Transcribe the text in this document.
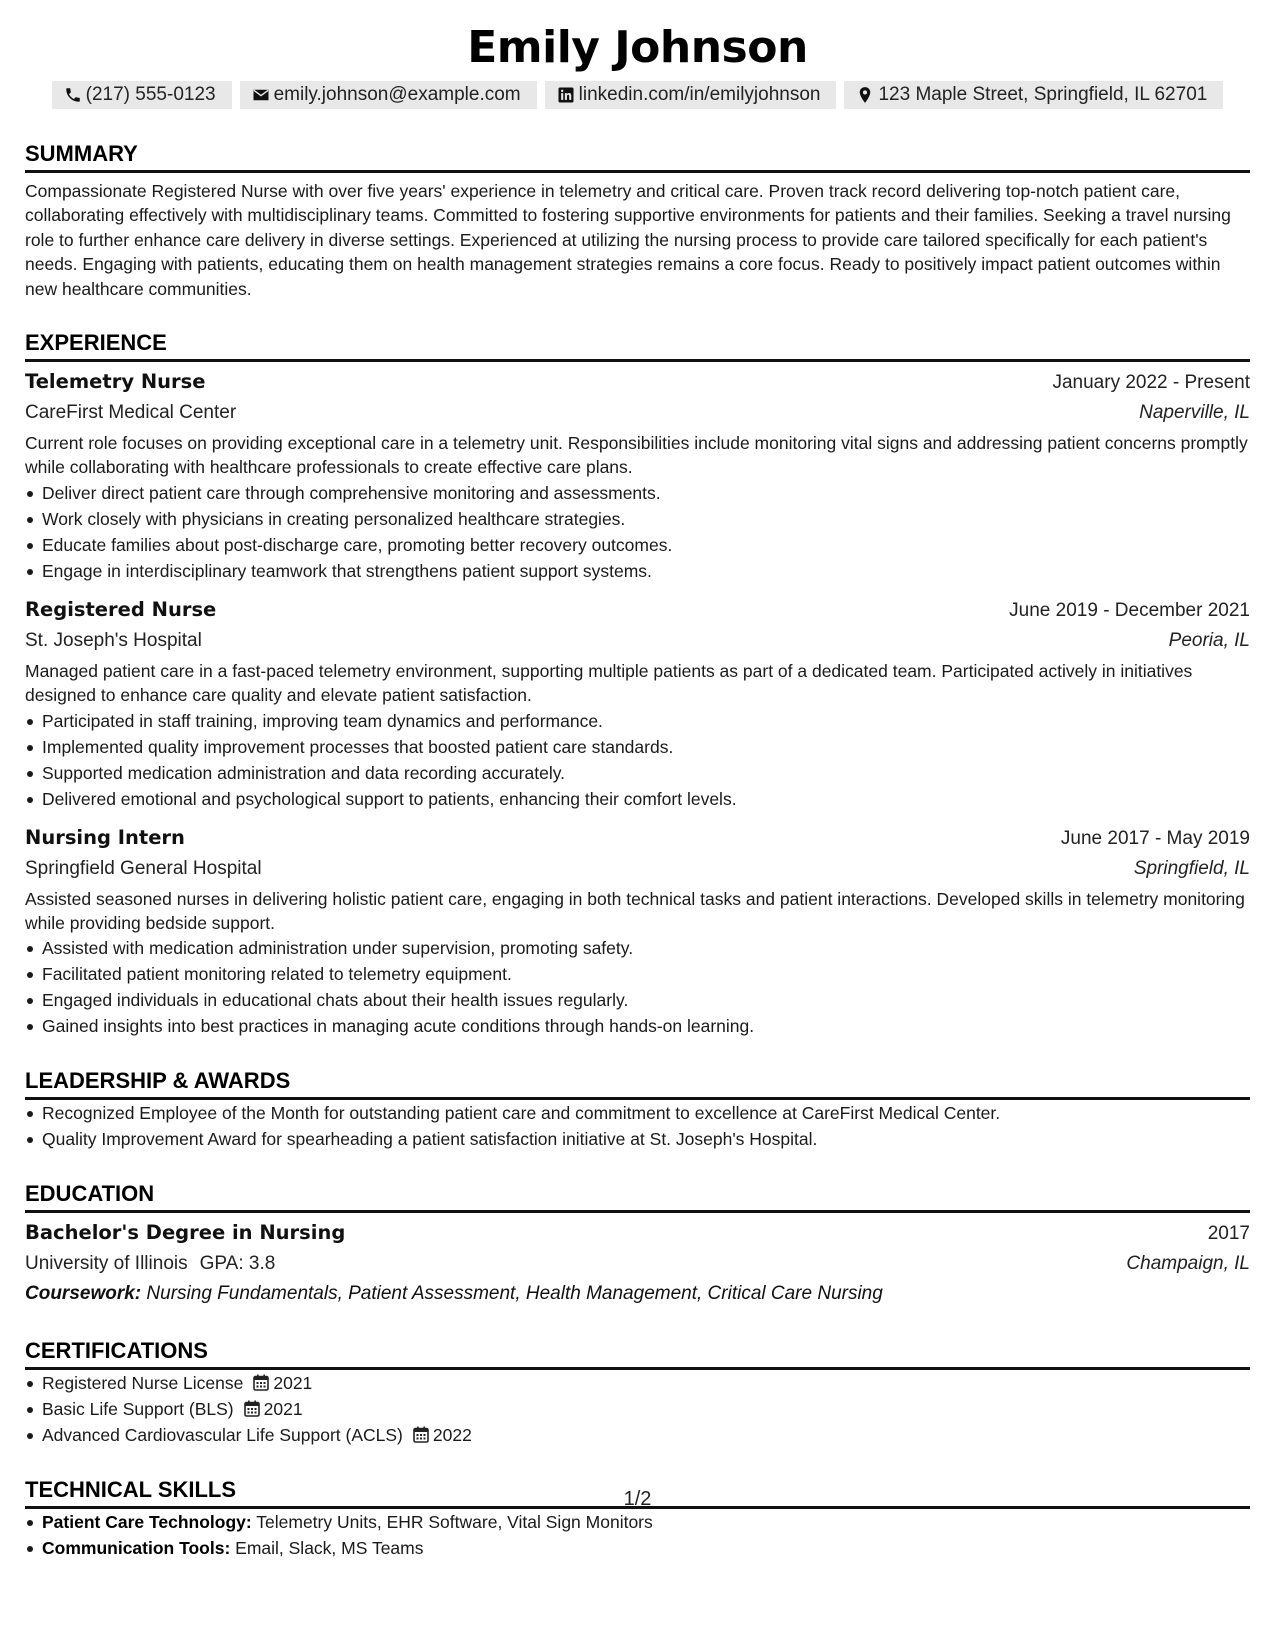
Emily Johnson
(217) 555-0123	emily.johnson@example.com	linkedin.com/in/emilyjohnson	123 Maple Street, Springfield, IL 62701
SUMMARY
Compassionate Registered Nurse with over five years' experience in telemetry and critical care. Proven track record delivering top-notch patient care, collaborating effectively with multidisciplinary teams. Committed to fostering supportive environments for patients and their families. Seeking a travel nursing role to further enhance care delivery in diverse settings. Experienced at utilizing the nursing process to provide care tailored specifically for each patient's needs. Engaging with patients, educating them on health management strategies remains a core focus. Ready to positively impact patient outcomes within new healthcare communities.
EXPERIENCE
Telemetry Nurse	January 2022 - Present
CareFirst Medical Center	Naperville, IL
Current role focuses on providing exceptional care in a telemetry unit. Responsibilities include monitoring vital signs and addressing patient concerns promptly while collaborating with healthcare professionals to create effective care plans.
Deliver direct patient care through comprehensive monitoring and assessments.
Work closely with physicians in creating personalized healthcare strategies.
Educate families about post-discharge care, promoting better recovery outcomes.
Engage in interdisciplinary teamwork that strengthens patient support systems.
Registered Nurse	June 2019 - December 2021
St. Joseph's Hospital	Peoria, IL
Managed patient care in a fast-paced telemetry environment, supporting multiple patients as part of a dedicated team. Participated actively in initiatives designed to enhance care quality and elevate patient satisfaction.
Participated in staff training, improving team dynamics and performance.
Implemented quality improvement processes that boosted patient care standards.
Supported medication administration and data recording accurately.
Delivered emotional and psychological support to patients, enhancing their comfort levels.
Nursing Intern	June 2017 - May 2019
Springfield General Hospital	Springfield, IL
Assisted seasoned nurses in delivering holistic patient care, engaging in both technical tasks and patient interactions. Developed skills in telemetry monitoring while providing bedside support.
Assisted with medication administration under supervision, promoting safety.
Facilitated patient monitoring related to telemetry equipment.
Engaged individuals in educational chats about their health issues regularly.
Gained insights into best practices in managing acute conditions through hands-on learning.
LEADERSHIP & AWARDS
Recognized Employee of the Month for outstanding patient care and commitment to excellence at CareFirst Medical Center.
Quality Improvement Award for spearheading a patient satisfaction initiative at St. Joseph's Hospital.
EDUCATION
Bachelor's Degree in Nursing	2017
University of Illinois GPA: 3.8	Champaign, IL
Coursework: Nursing Fundamentals, Patient Assessment, Health Management, Critical Care Nursing
CERTIFICATIONS
Registered Nurse License 2021
Basic Life Support (BLS) 2021
Advanced Cardiovascular Life Support (ACLS) 2022
TECHNICAL SKILLS
Patient Care Technology: Telemetry Units, EHR Software, Vital Sign Monitors
Communication Tools: Email, Slack, MS Teams
1/2
